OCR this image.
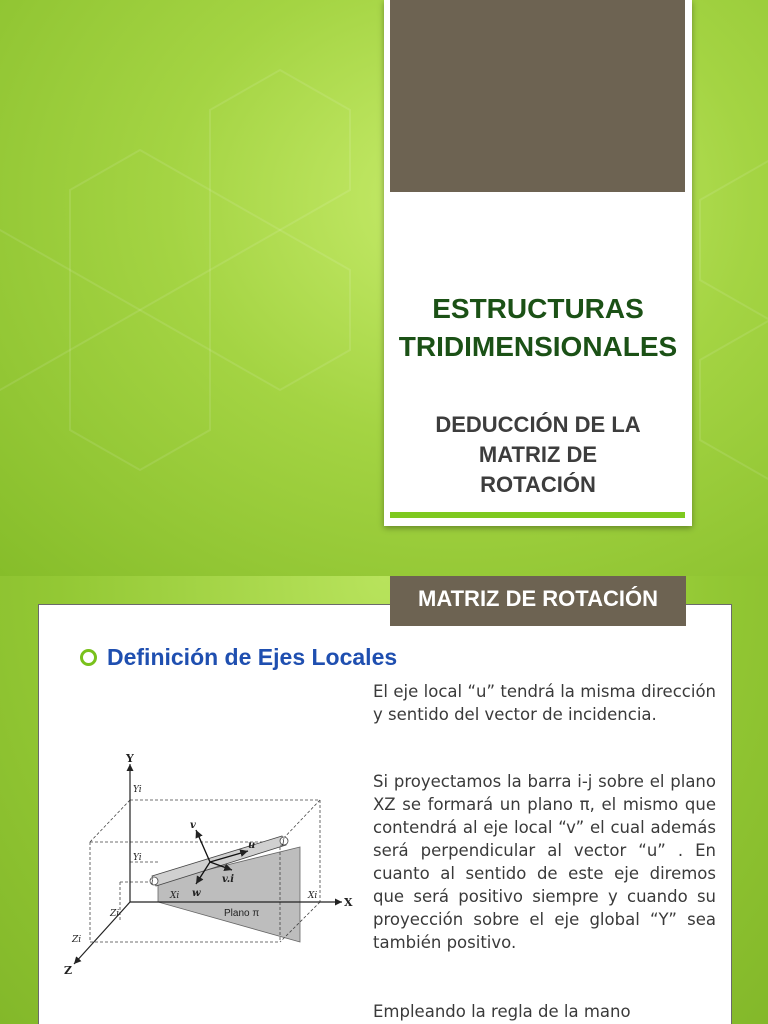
ESTRUCTURAS
TRIDIMENSIONALES
DEDUCCIÓN DE LA
MATRIZ DE
ROTACIÓN
MATRIZ DE ROTACIÓN
Definición de Ejes Locales
El eje local “u” tendrá la misma dirección y sentido del vector de incidencia.
Si proyectamos la barra i-j sobre el plano XZ se formará un plano π, el mismo que contendrá al eje local “v” el cual además será perpendicular al vector “u” . En cuanto al sentido de este eje diremos que será positivo siempre y cuando su proyección sobre el eje global “Y” sea también positivo.
Empleando la regla de la mano
Y
X
Z
Yi
Yi
Xi
Xi
Zi
Zi
i
j
u
v
w
v.i
Plano π
